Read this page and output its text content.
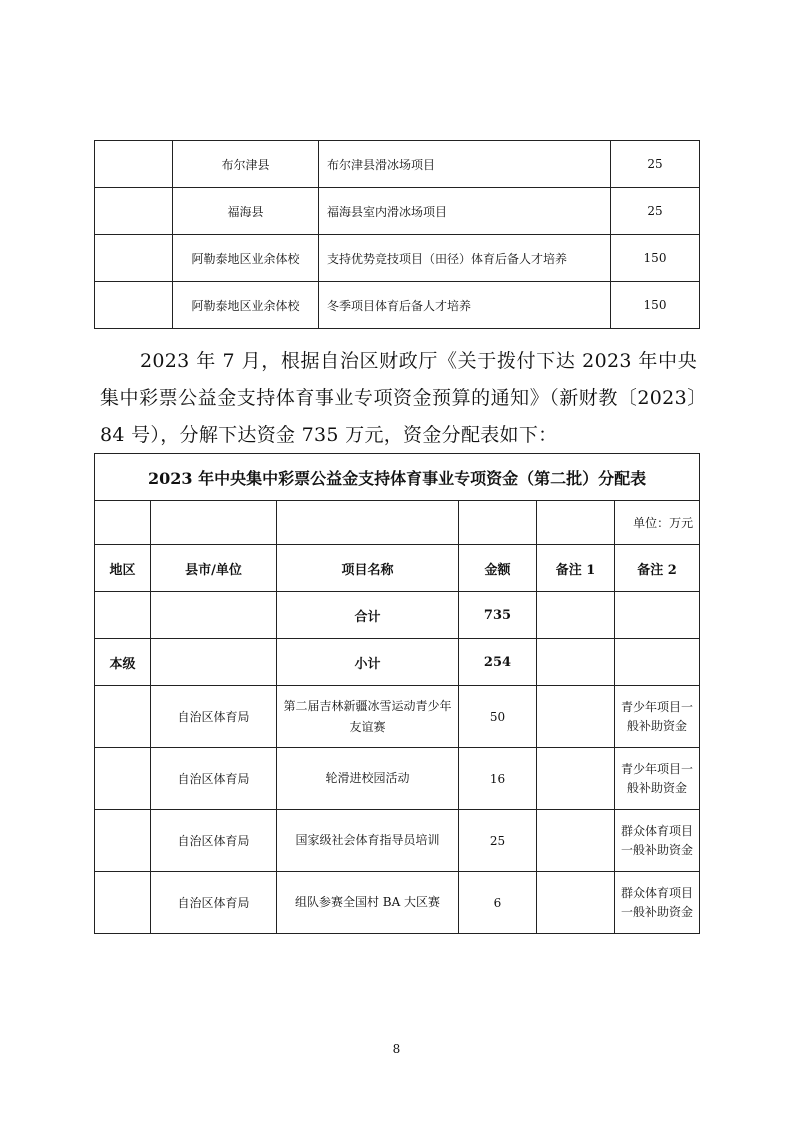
	布尔津县	布尔津县滑冰场项目	25
	福海县	福海县室内滑冰场项目	25
	阿勒泰地区业余体校	支持优势竞技项目（田径）体育后备人才培养	150
	阿勒泰地区业余体校	冬季项目体育后备人才培养	150

2023 年 7 月，根据自治区财政厅《关于拨付下达 2023 年中央集中彩票公益金支持体育事业专项资金预算的通知》（新财教〔2023〕84 号），分解下达资金 735 万元，资金分配表如下：

2023 年中央集中彩票公益金支持体育事业专项资金（第二批）分配表					
					单位：万元
地区	县市/单位	项目名称	金额	备注 1	备注 2
		合计	735		
本级		小计	254		
	自治区体育局	第二届吉林新疆冰雪运动青少年友谊赛	50		青少年项目一般补助资金
	自治区体育局	轮滑进校园活动	16		青少年项目一般补助资金
	自治区体育局	国家级社会体育指导员培训	25		群众体育项目一般补助资金
	自治区体育局	组队参赛全国村 BA 大区赛	6		群众体育项目一般补助资金
8
